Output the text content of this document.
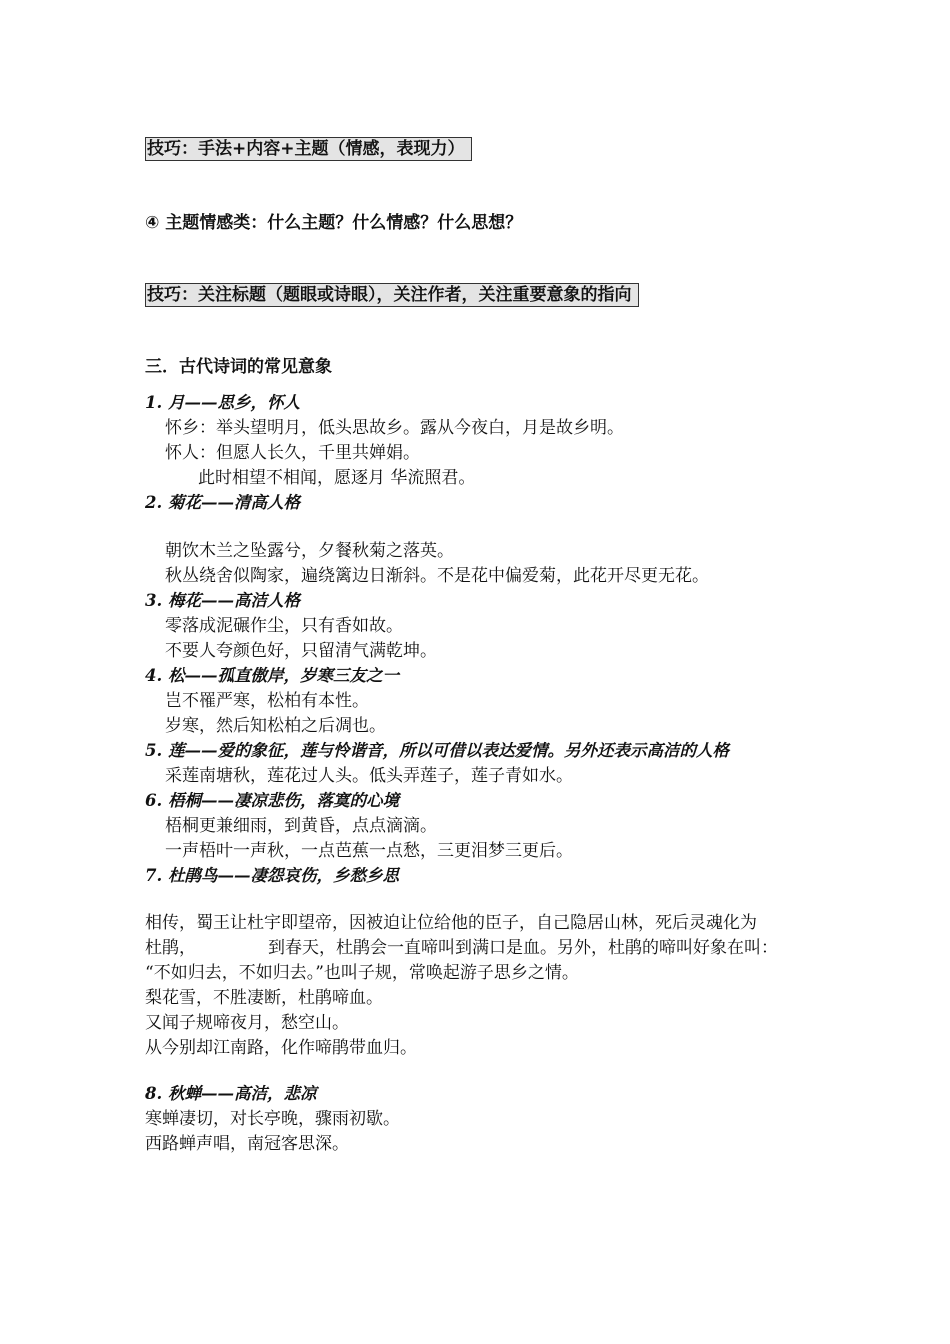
技巧：手法+内容+主题（情感，表现力）
④ 主题情感类：什么主题？什么情感？什么思想？
技巧：关注标题（题眼或诗眼），关注作者，关注重要意象的指向
三．古代诗词的常见意象
1. 月——思乡，怀人
怀乡：举头望明月，低头思故乡。露从今夜白，月是故乡明。
怀人：但愿人长久，千里共婵娟。
此时相望不相闻，愿逐月 华流照君。
2. 菊花——清高人格
朝饮木兰之坠露兮，夕餐秋菊之落英。
秋丛绕舍似陶家，遍绕篱边日渐斜。不是花中偏爱菊，此花开尽更无花。
3. 梅花——高洁人格
零落成泥碾作尘，只有香如故。
不要人夸颜色好，只留清气满乾坤。
4. 松——孤直傲岸，岁寒三友之一
岂不罹严寒，松柏有本性。
岁寒，然后知松柏之后凋也。
5. 莲——爱的象征，莲与怜谐音，所以可借以表达爱情。另外还表示高洁的人格
采莲南塘秋，莲花过人头。低头弄莲子，莲子青如水。
6. 梧桐——凄凉悲伤，落寞的心境
梧桐更兼细雨，到黄昏，点点滴滴。
一声梧叶一声秋，一点芭蕉一点愁，三更泪梦三更后。
7. 杜鹃鸟——凄怨哀伤，乡愁乡思
相传，蜀王让杜宇即望帝，因被迫让位给他的臣子，自己隐居山林，死后灵魂化为
杜鹃，	到春天，杜鹃会一直啼叫到满口是血。另外，杜鹃的啼叫好象在叫：
“不如归去，不如归去。”也叫子规，常唤起游子思乡之情。
梨花雪，不胜凄断，杜鹃啼血。
又闻子规啼夜月，愁空山。
从今别却江南路，化作啼鹃带血归。
8. 秋蝉——高洁，悲凉
寒蝉凄切，对长亭晚，骤雨初歇。
西路蝉声唱，南冠客思深。
